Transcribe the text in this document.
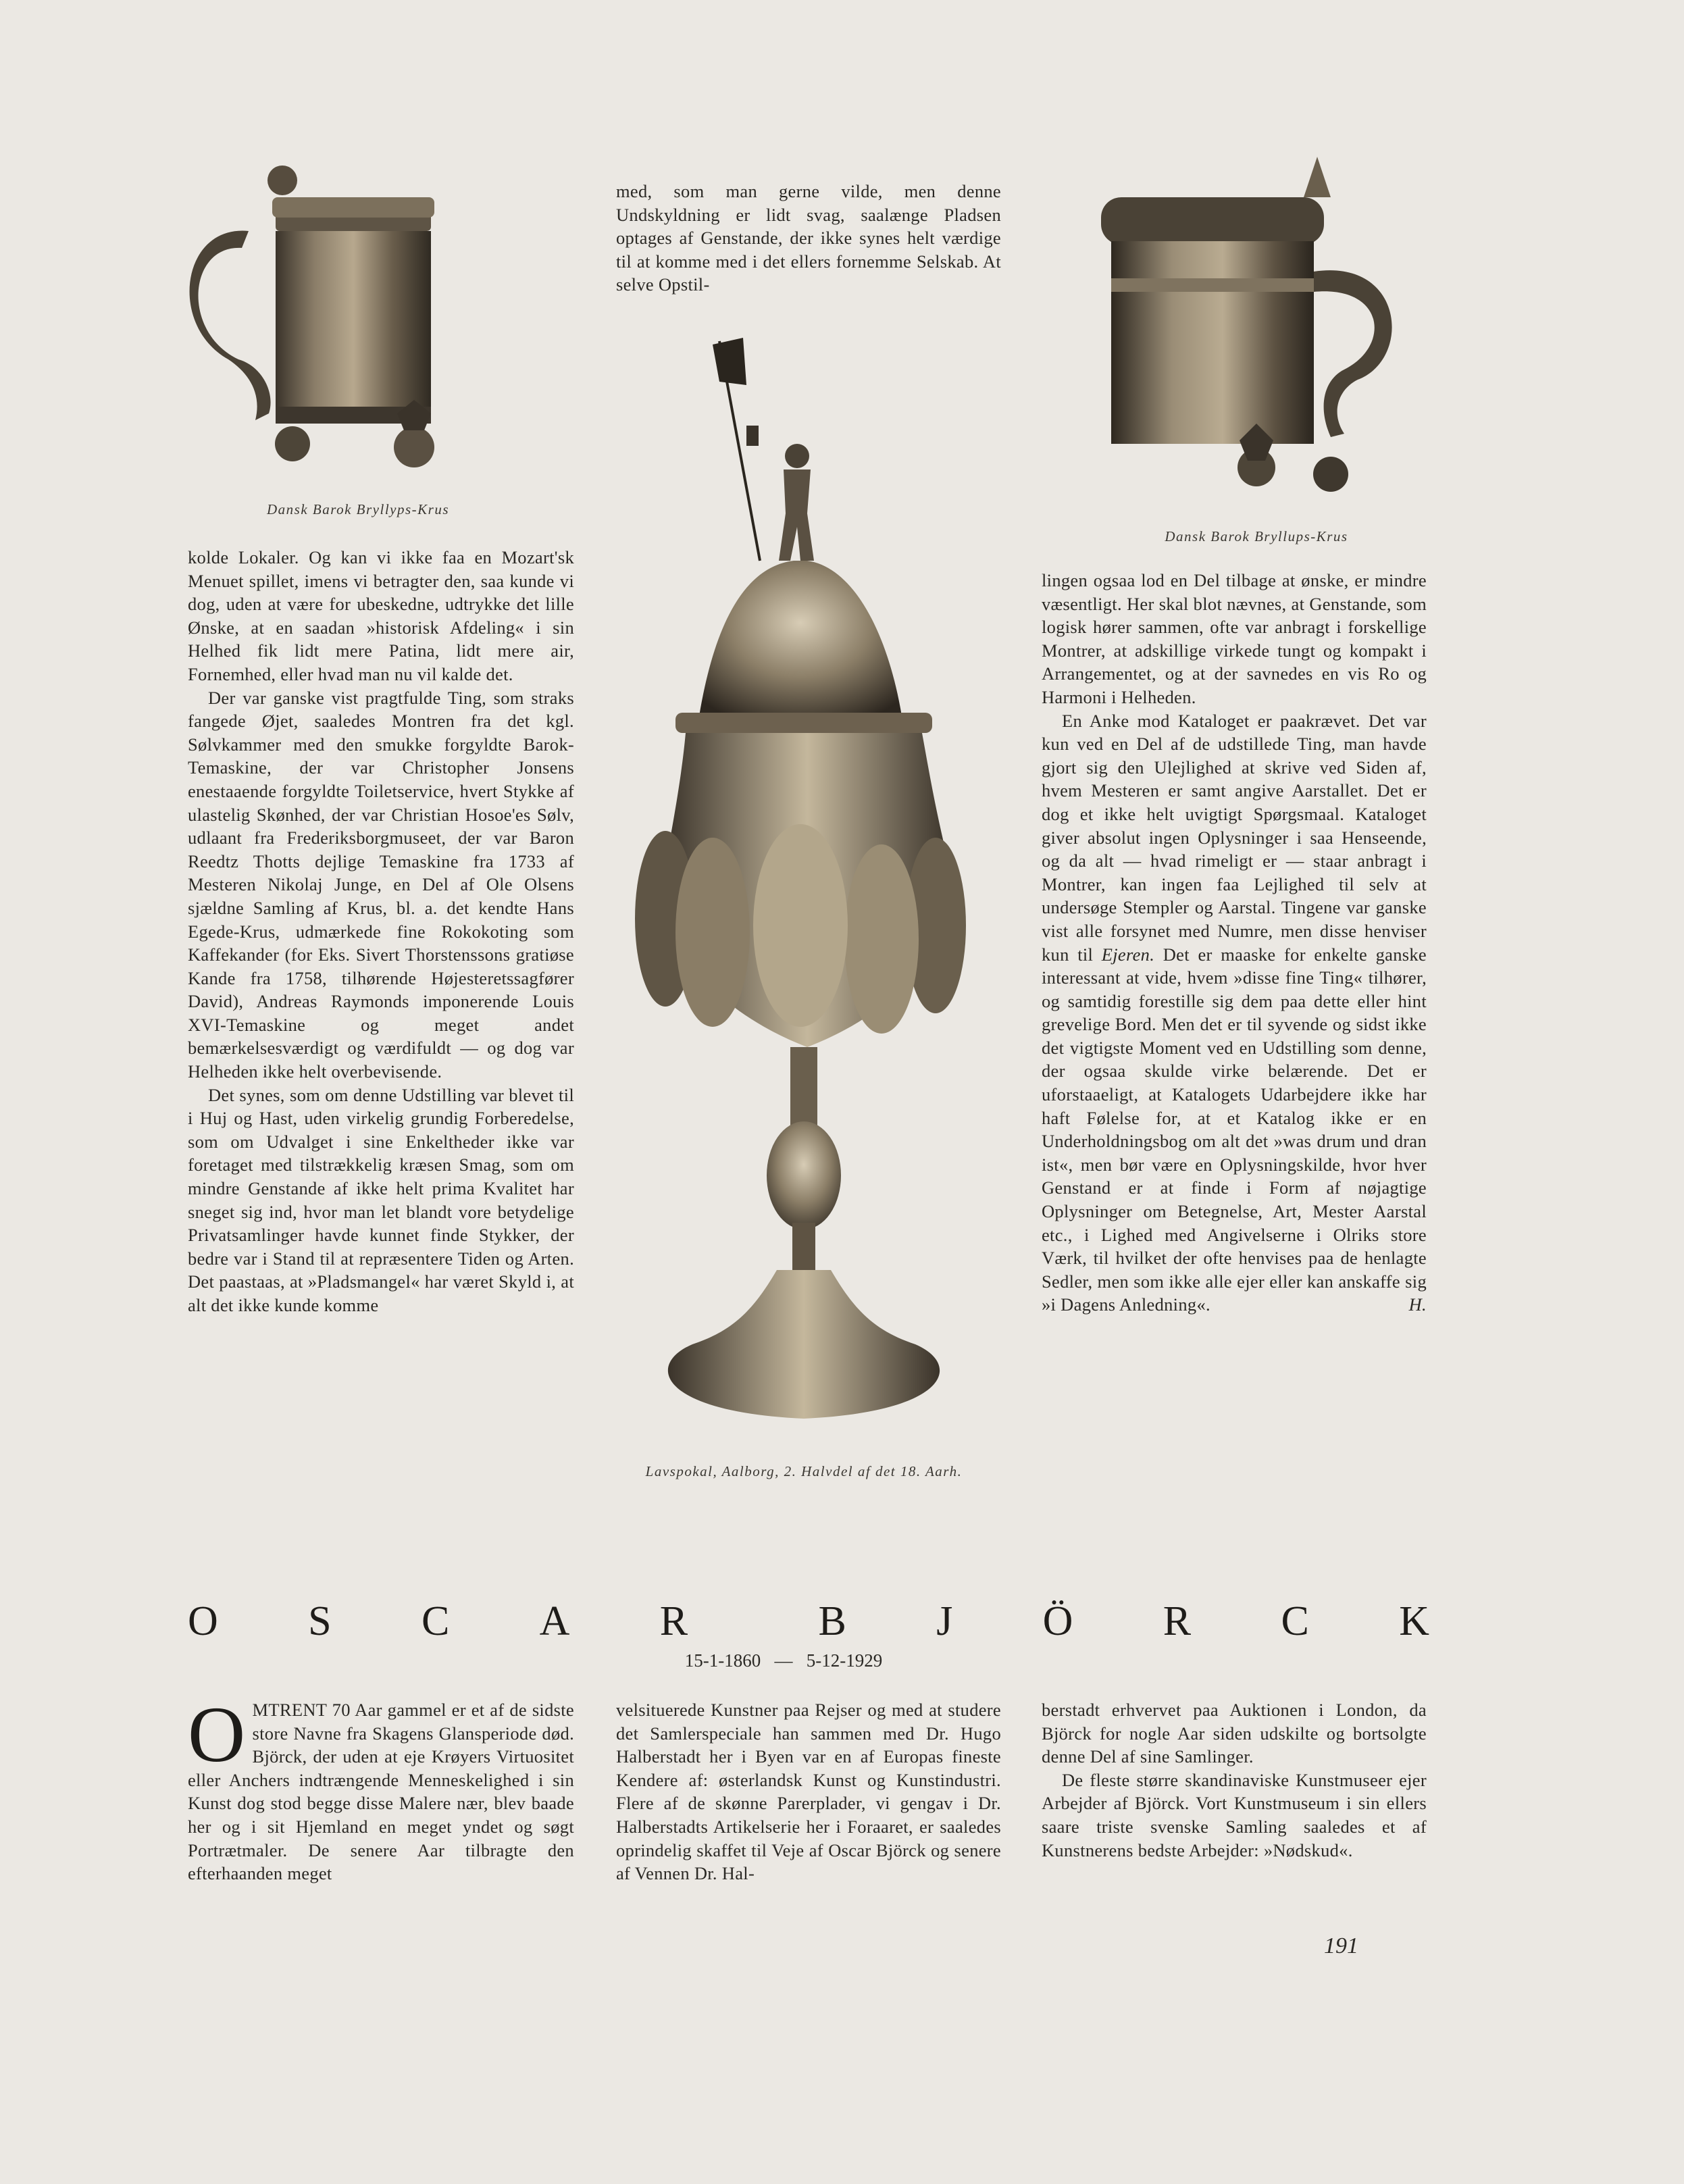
Dansk Barok Bryllyps-Krus
Dansk Barok Bryllups-Krus
Lavspokal, Aalborg, 2. Halvdel af det 18. Aarh.

med, som man gerne vilde, men denne Undskyldning er lidt svag, saalænge Pladsen optages af Genstande, der ikke synes helt værdige til at komme med i det ellers fornemme Selskab. At selve Opstil-

kolde Lokaler. Og kan vi ikke faa en Mozart'sk Menuet spillet, imens vi betragter den, saa kunde vi dog, uden at være for ubeskedne, udtrykke det lille Ønske, at en saadan »historisk Afdeling« i sin Helhed fik lidt mere Patina, lidt mere air, Fornemhed, eller hvad man nu vil kalde det.

Der var ganske vist pragtfulde Ting, som straks fangede Øjet, saaledes Montren fra det kgl. Sølvkammer med den smukke forgyldte Barok-Temaskine, der var Christopher Jonsens enestaaende forgyldte Toiletservice, hvert Stykke af ulastelig Skønhed, der var Christian Hosoe'es Sølv, udlaant fra Frederiksborgmuseet, der var Baron Reedtz Thotts dejlige Temaskine fra 1733 af Mesteren Nikolaj Junge, en Del af Ole Olsens sjældne Samling af Krus, bl. a. det kendte Hans Egede-Krus, udmærkede fine Rokokoting som Kaffekander (for Eks. Sivert Thorstenssons gratiøse Kande fra 1758, tilhørende Højesteretssagfører David), Andreas Raymonds imponerende Louis XVI-Temaskine og meget andet bemærkelsesværdigt og værdifuldt — og dog var Helheden ikke helt overbevisende.

Det synes, som om denne Udstilling var blevet til i Huj og Hast, uden virkelig grundig Forberedelse, som om Udvalget i sine Enkeltheder ikke var foretaget med tilstrækkelig kræsen Smag, som om mindre Genstande af ikke helt prima Kvalitet har sneget sig ind, hvor man let blandt vore betydelige Privatsamlinger havde kunnet finde Stykker, der bedre var i Stand til at repræsentere Tiden og Arten. Det paastaas, at »Pladsmangel« har været Skyld i, at alt det ikke kunde komme

lingen ogsaa lod en Del tilbage at ønske, er mindre væsentligt. Her skal blot nævnes, at Genstande, som logisk hører sammen, ofte var anbragt i forskellige Montrer, at adskillige virkede tungt og kompakt i Arrangementet, og at der savnedes en vis Ro og Harmoni i Helheden.

En Anke mod Kataloget er paakrævet. Det var kun ved en Del af de udstillede Ting, man havde gjort sig den Ulejlighed at skrive ved Siden af, hvem Mesteren er samt angive Aarstallet. Det er dog et ikke helt uvigtigt Spørgsmaal. Kataloget giver absolut ingen Oplysninger i saa Henseende, og da alt — hvad rimeligt er — staar anbragt i Montrer, kan ingen faa Lejlighed til selv at undersøge Stempler og Aarstal. Tingene var ganske vist alle forsynet med Numre, men disse henviser kun til Ejeren. Det er maaske for enkelte ganske interessant at vide, hvem »disse fine Ting« tilhører, og samtidig forestille sig dem paa dette eller hint grevelige Bord. Men det er til syvende og sidst ikke det vigtigste Moment ved en Udstilling som denne, der ogsaa skulde virke belærende. Det er uforstaaeligt, at Katalogets Udarbejdere ikke har haft Følelse for, at et Katalog ikke er en Underholdningsbog om alt det »was drum und dran ist«, men bør være en Oplysningskilde, hvor hver Genstand er at finde i Form af nøjagtige Oplysninger om Betegnelse, Art, Mester Aarstal etc., i Lighed med Angivelserne i Olriks store Værk, til hvilket der ofte henvises paa de henlagte Sedler, men som ikke alle ejer eller kan anskaffe sig »i Dagens Anledning«.	H.

O S C A R	B J Ö R C K
15-1-1860 — 5-12-1929

OMTRENT 70 Aar gammel er et af de sidste store Navne fra Skagens Glansperiode død. Björck, der uden at eje Krøyers Virtuositet eller Anchers indtrængende Menneskelighed i sin Kunst dog stod begge disse Malere nær, blev baade her og i sit Hjemland en meget yndet og søgt Portrætmaler. De senere Aar tilbragte den efterhaanden meget

velsituerede Kunstner paa Rejser og med at studere det Samlerspeciale han sammen med Dr. Hugo Halberstadt her i Byen var en af Europas fineste Kendere af: østerlandsk Kunst og Kunstindustri. Flere af de skønne Parerplader, vi gengav i Dr. Halberstadts Artikelserie her i Foraaret, er saaledes oprindelig skaffet til Veje af Oscar Björck og senere af Vennen Dr. Hal-

berstadt erhvervet paa Auktionen i London, da Björck for nogle Aar siden udskilte og bortsolgte denne Del af sine Samlinger.

De fleste større skandinaviske Kunstmuseer ejer Arbejder af Björck. Vort Kunstmuseum i sin ellers saare triste svenske Samling saaledes et af Kunstnerens bedste Arbejder: »Nødskud«.

191
